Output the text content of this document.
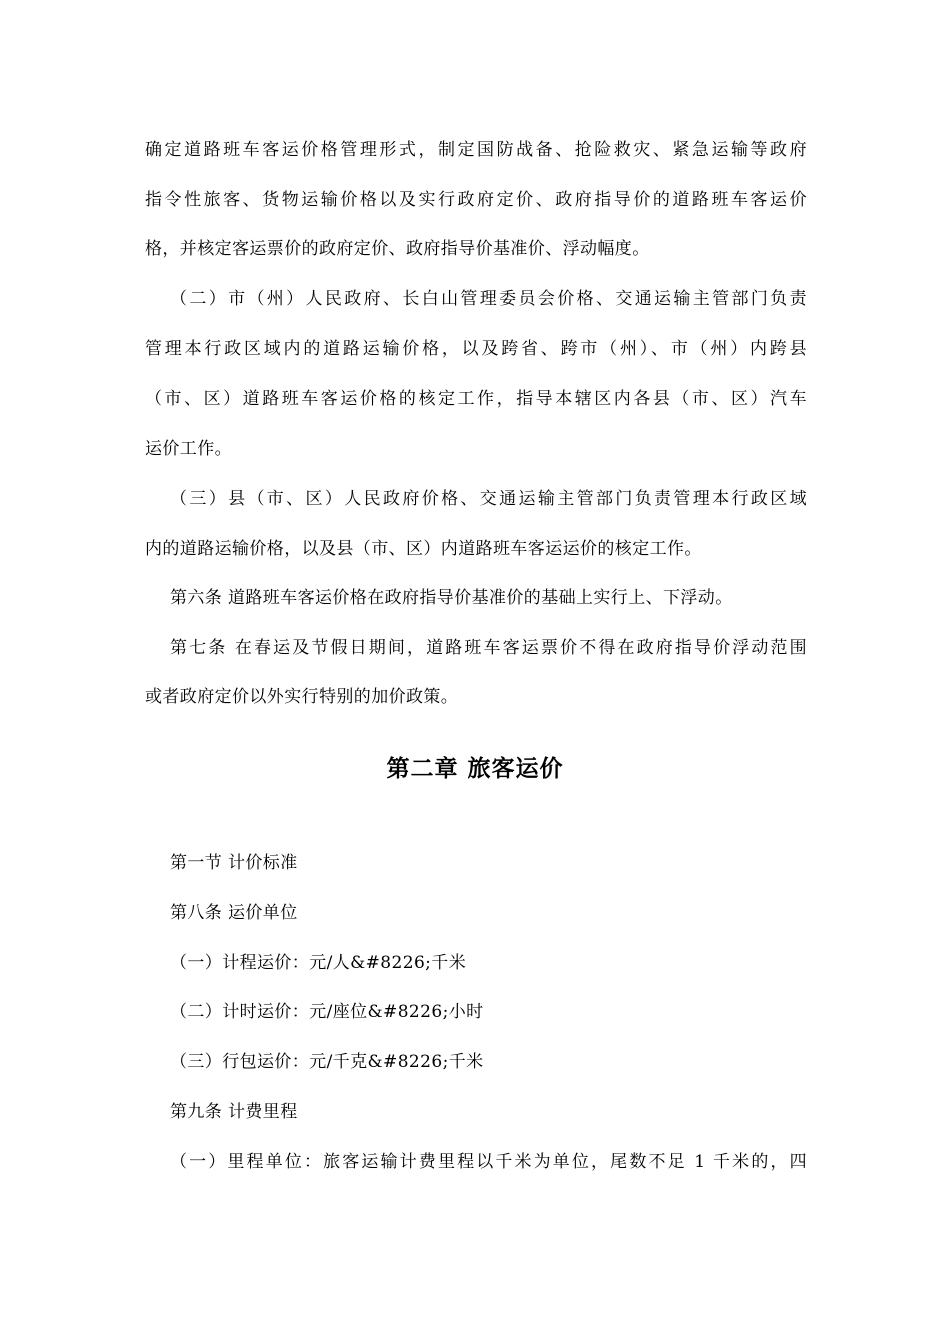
确定道路班车客运价格管理形式，制定国防战备、抢险救灾、紧急运输等政府
指令性旅客、货物运输价格以及实行政府定价、政府指导价的道路班车客运价
格，并核定客运票价的政府定价、政府指导价基准价、浮动幅度。
（二）市（州）人民政府、长白山管理委员会价格、交通运输主管部门负责
管理本行政区域内的道路运输价格，以及跨省、跨市（州）、市（州）内跨县
（市、区）道路班车客运价格的核定工作，指导本辖区内各县（市、区）汽车
运价工作。
（三）县（市、区）人民政府价格、交通运输主管部门负责管理本行政区域
内的道路运输价格，以及县（市、区）内道路班车客运运价的核定工作。
第六条 道路班车客运价格在政府指导价基准价的基础上实行上、下浮动。
第七条 在春运及节假日期间，道路班车客运票价不得在政府指导价浮动范围
或者政府定价以外实行特别的加价政策。
第二章 旅客运价
第一节 计价标准
第八条 运价单位
（一）计程运价：元/人&#8226;千米
（二）计时运价：元/座位&#8226;小时
（三）行包运价：元/千克&#8226;千米
第九条 计费里程
（一）里程单位：旅客运输计费里程以千米为单位，尾数不足 1 千米的，四
